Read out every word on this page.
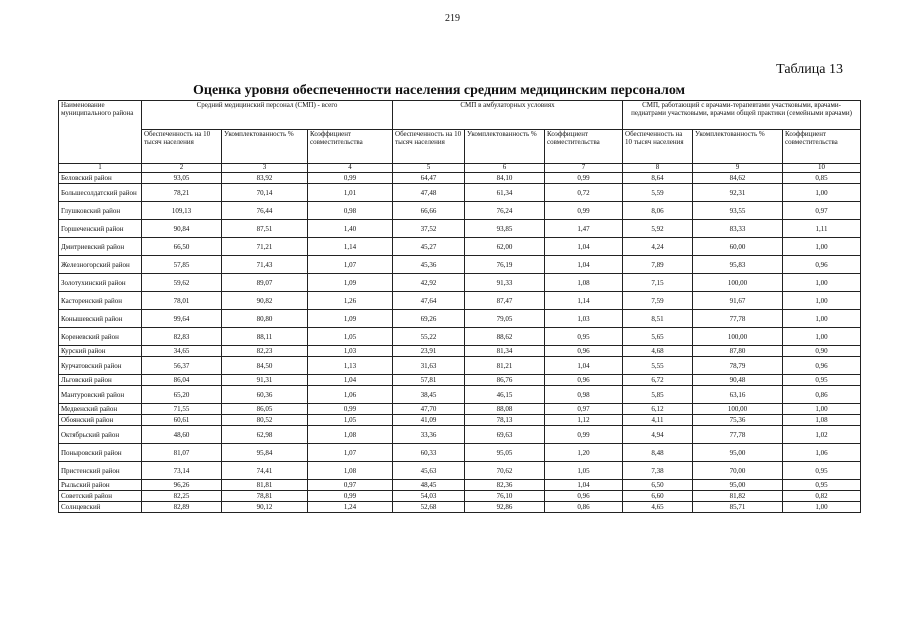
219
Таблица 13
Оценка уровня обеспеченности населения средним медицинским персоналом
Наименование муниципального района	Средний медицинский персонал (СМП) - всего			СМП в амбулаторных условиях			СМП, работающий с врачами-терапевтами участковыми, врачами-педиатрами участковыми, врачами общей практики (семейными врачами)		
	Обеспеченность на 10 тысяч населения	Укомплектованность %	Коэффициент совместительства	Обеспеченность на 10 тысяч населения	Укомплектованность %	Коэффициент совместительства	Обеспеченность на 10 тысяч населения	Укомплектованность %	Коэффициент совместительства
1	2	3	4	5	6	7	8	9	10
Беловский район	93,05	83,92	0,99	64,47	84,10	0,99	8,64	84,62	0,85
Большесолдатский район	78,21	70,14	1,01	47,48	61,34	0,72	5,59	92,31	1,00
Глушковский район	109,13	76,44	0,98	66,66	76,24	0,99	8,06	93,55	0,97
Горшеченский район	90,84	87,51	1,40	37,52	93,85	1,47	5,92	83,33	1,11
Дмитриевский район	66,50	71,21	1,14	45,27	62,00	1,04	4,24	60,00	1,00
Железногорский район	57,85	71,43	1,07	45,36	76,19	1,04	7,89	95,83	0,96
Золотухинский район	59,62	89,07	1,09	42,92	91,33	1,08	7,15	100,00	1,00
Касторенский район	78,01	90,82	1,26	47,64	87,47	1,14	7,59	91,67	1,00
Конышевский район	99,64	80,80	1,09	69,26	79,05	1,03	8,51	77,78	1,00
Кореневский район	82,83	88,11	1,05	55,22	88,62	0,95	5,65	100,00	1,00
Курский район	34,65	82,23	1,03	23,91	81,34	0,96	4,68	87,80	0,90
Курчатовский район	56,37	84,50	1,13	31,63	81,21	1,04	5,55	78,79	0,96
Льговский район	86,04	91,31	1,04	57,81	86,76	0,96	6,72	90,48	0,95
Мантуровский район	65,20	60,36	1,06	38,45	46,15	0,98	5,85	63,16	0,86
Медвенский район	71,55	86,05	0,99	47,70	88,08	0,97	6,12	100,00	1,00
Обоянский район	60,61	80,52	1,05	41,09	78,13	1,12	4,11	75,36	1,08
Октябрьский район	48,60	62,98	1,08	33,36	69,63	0,99	4,94	77,78	1,02
Поныровский район	81,07	95,84	1,07	60,33	95,05	1,20	8,48	95,00	1,06
Пристенский район	73,14	74,41	1,08	45,63	70,62	1,05	7,38	70,00	0,95
Рыльский район	96,26	81,81	0,97	48,45	82,36	1,04	6,50	95,00	0,95
Советский район	82,25	78,81	0,99	54,03	76,10	0,96	6,60	81,82	0,82
Солнцевский	82,89	90,12	1,24	52,68	92,86	0,86	4,65	85,71	1,00
